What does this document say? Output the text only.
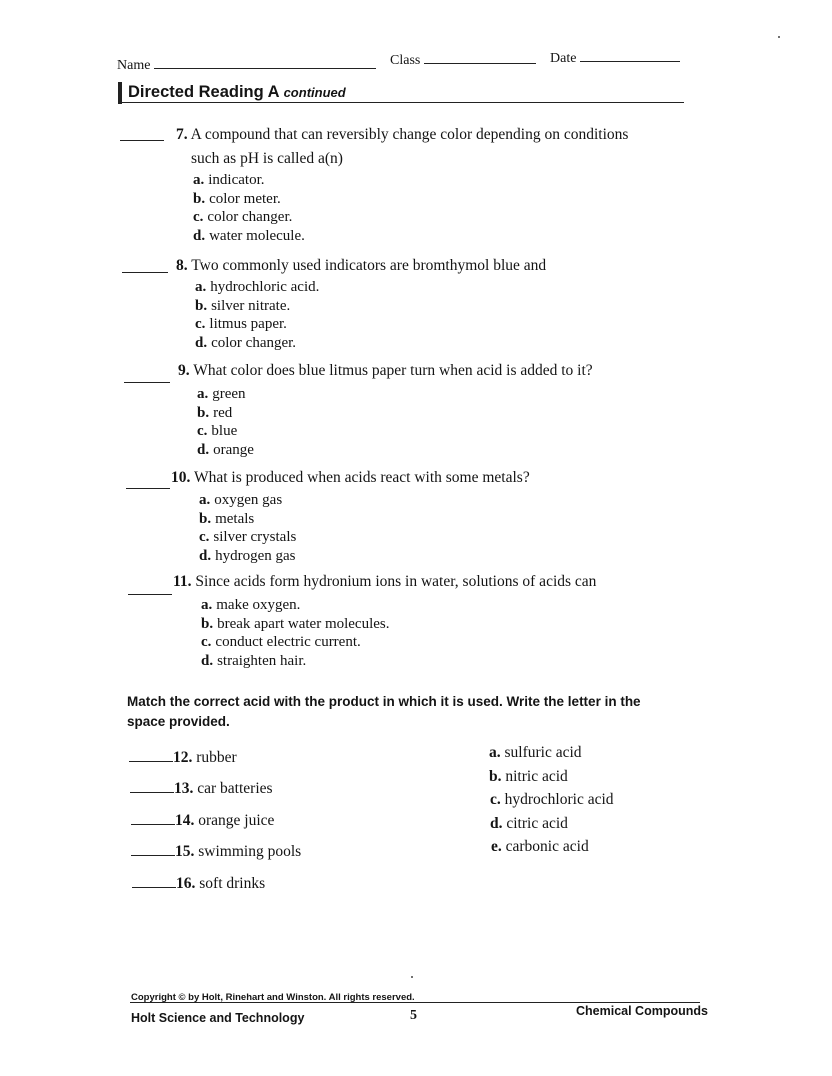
Name	Class	Date
Directed Reading A continued
7. A compound that can reversibly change color depending on conditions
such as pH is called a(n)
a. indicator.
b. color meter.
c. color changer.
d. water molecule.
8. Two commonly used indicators are bromthymol blue and
a. hydrochloric acid.
b. silver nitrate.
c. litmus paper.
d. color changer.
9. What color does blue litmus paper turn when acid is added to it?
a. green
b. red
c. blue
d. orange
10. What is produced when acids react with some metals?
a. oxygen gas
b. metals
c. silver crystals
d. hydrogen gas
11. Since acids form hydronium ions in water, solutions of acids can
a. make oxygen.
b. break apart water molecules.
c. conduct electric current.
d. straighten hair.
Match the correct acid with the product in which it is used. Write the letter in the
space provided.
12. rubber
13. car batteries
14. orange juice
15. swimming pools
16. soft drinks
a. sulfuric acid
b. nitric acid
c. hydrochloric acid
d. citric acid
e. carbonic acid
Copyright © by Holt, Rinehart and Winston. All rights reserved.
Holt Science and Technology	5	Chemical Compounds
